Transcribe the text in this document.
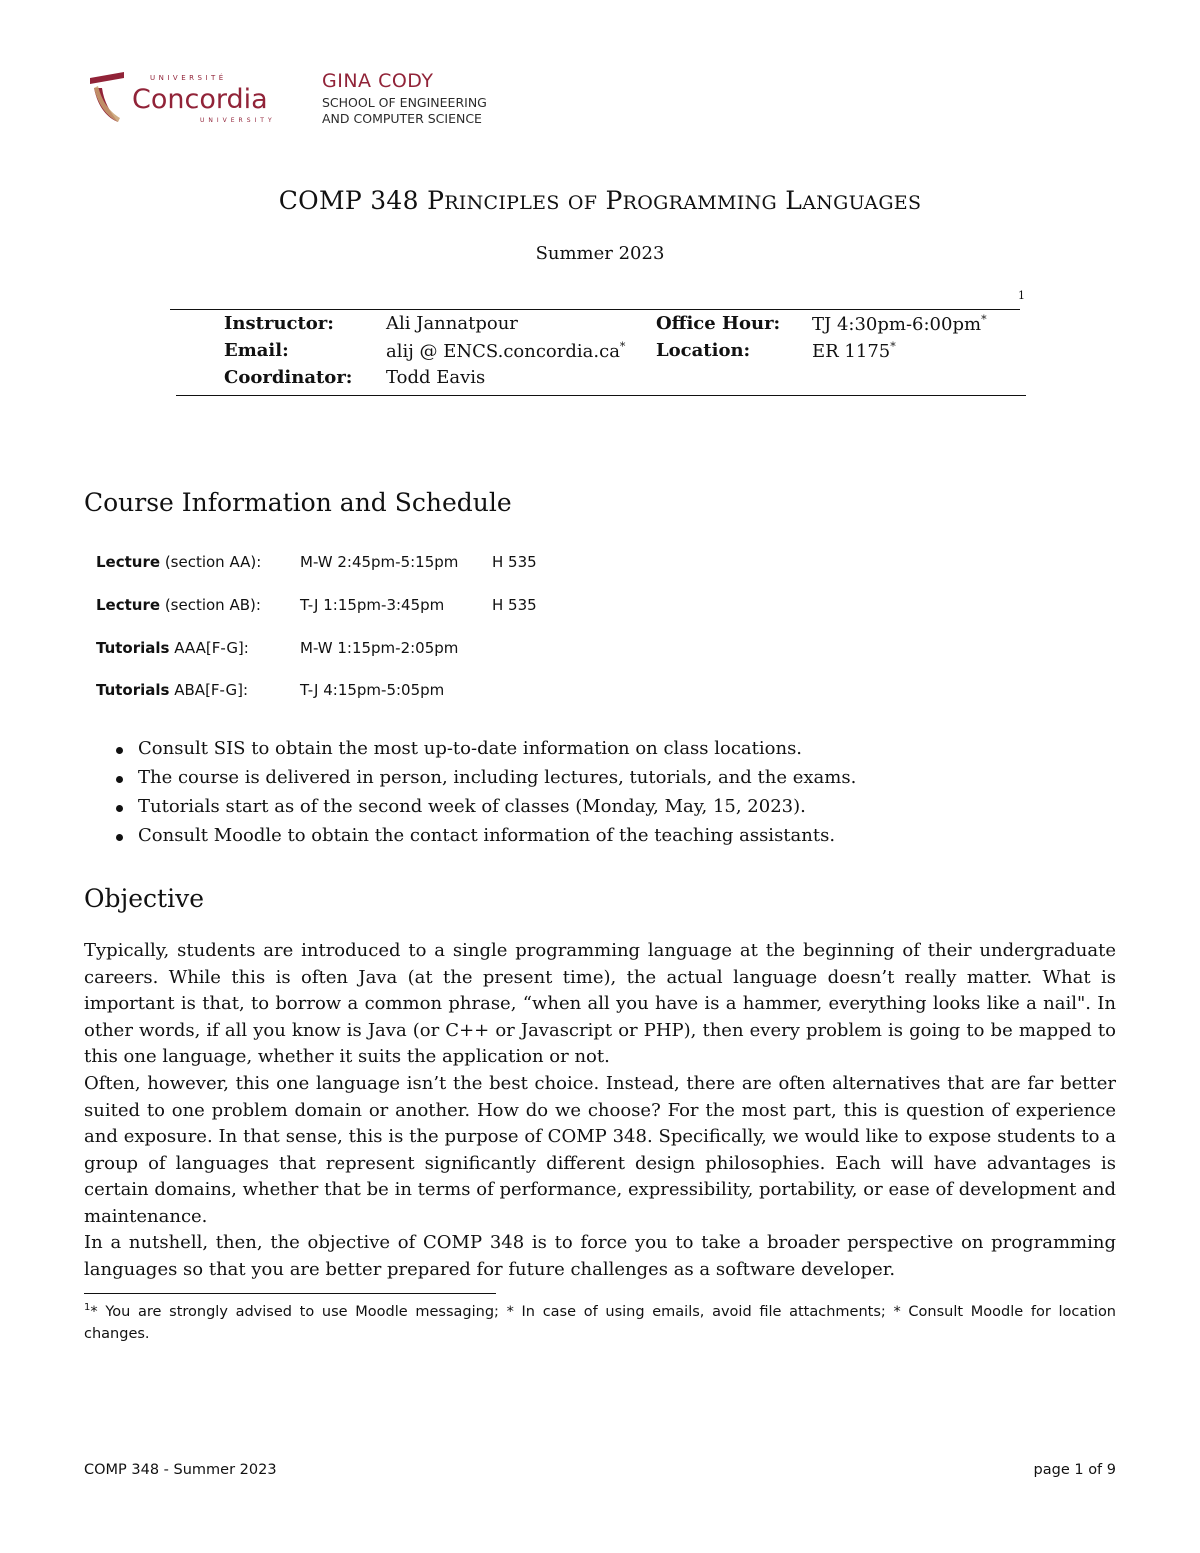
UNIVERSITÉ
Concordia
UNIVERSITY
GINA CODY
SCHOOL OF ENGINEERING
AND COMPUTER SCIENCE
COMP 348 PRINCIPLES OF PROGRAMMING LANGUAGES
Summer 2023
1
Instructor:	Ali Jannatpour	Office Hour: TJ 4:30pm-6:00pm*
Email:	alij @ ENCS.concordia.ca* Location:	ER 1175*
Coordinator: Todd Eavis
Course Information and Schedule
Lecture (section AA):	M-W 2:45pm-5:15pm H 535
Lecture (section AB):	T-J 1:15pm-3:45pm	H 535
Tutorials AAA[F-G]:	M-W 1:15pm-2:05pm
Tutorials ABA[F-G]:	T-J 4:15pm-5:05pm
Consult SIS to obtain the most up-to-date information on class locations.
The course is delivered in person, including lectures, tutorials, and the exams.
Tutorials start as of the second week of classes (Monday, May, 15, 2023).
Consult Moodle to obtain the contact information of the teaching assistants.
Objective

Typically, students are introduced to a single programming language at the beginning of their undergraduate careers. While this is often Java (at the present time), the actual language doesn’t really matter. What is important is that, to borrow a common phrase, “when all you have is a hammer, everything looks like a nail". In other words, if all you know is Java (or C++ or Javascript or PHP), then every problem is going to be mapped to this one language, whether it suits the application or not.

Often, however, this one language isn’t the best choice. Instead, there are often alternatives that are far better suited to one problem domain or another. How do we choose? For the most part, this is question of experience and exposure. In that sense, this is the purpose of COMP 348. Specifically, we would like to expose students to a group of languages that represent significantly different design philosophies. Each will have advantages is certain domains, whether that be in terms of performance, expressibility, portability, or ease of development and maintenance.

In a nutshell, then, the objective of COMP 348 is to force you to take a broader perspective on programming languages so that you are better prepared for future challenges as a software developer.

$^1$* You are strongly advised to use Moodle messaging; * In case of using emails, avoid file attachments; * Consult Moodle for location changes.
COMP 348 - Summer 2023	page 1 of 9
